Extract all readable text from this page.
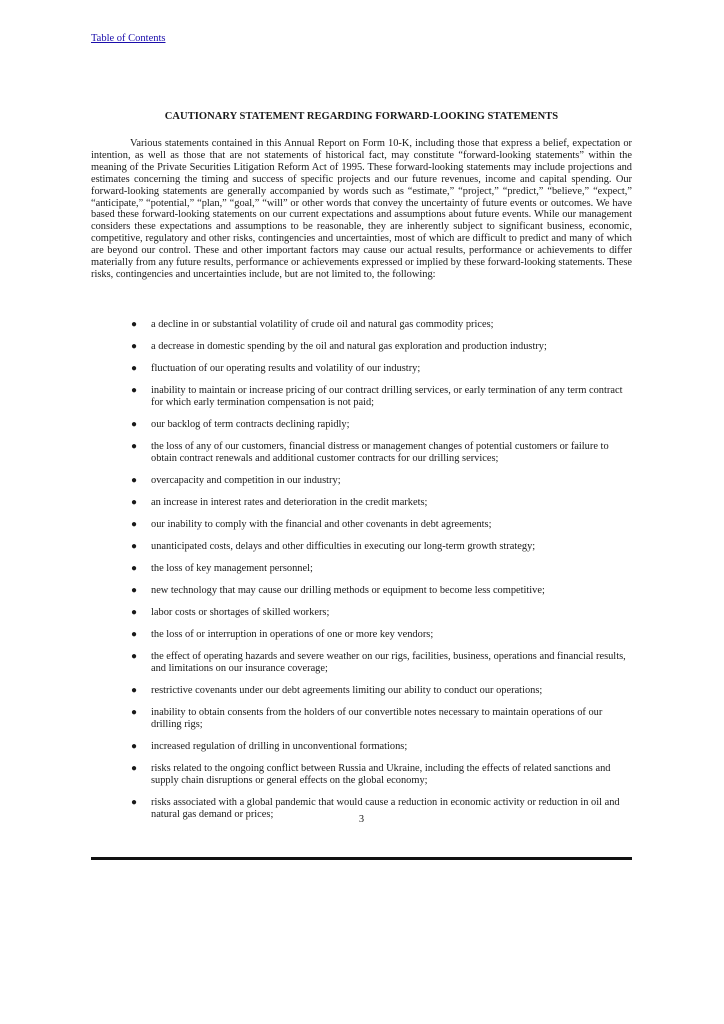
Table of Contents
CAUTIONARY STATEMENT REGARDING FORWARD-LOOKING STATEMENTS

Various statements contained in this Annual Report on Form 10-K, including those that express a belief, expectation or intention, as well as those that are not statements of historical fact, may constitute “forward-looking statements” within the meaning of the Private Securities Litigation Reform Act of 1995. These forward-looking statements may include projections and estimates concerning the timing and success of specific projects and our future revenues, income and capital spending. Our forward-looking statements are generally accompanied by words such as “estimate,” “project,” “predict,” “believe,” “expect,” “anticipate,” “potential,” “plan,” “goal,” “will” or other words that convey the uncertainty of future events or outcomes. We have based these forward-looking statements on our current expectations and assumptions about future events. While our management considers these expectations and assumptions to be reasonable, they are inherently subject to significant business, economic, competitive, regulatory and other risks, contingencies and uncertainties, most of which are difficult to predict and many of which are beyond our control. These and other important factors may cause our actual results, performance or achievements to differ materially from any future results, performance or achievements expressed or implied by these forward-looking statements. These risks, contingencies and uncertainties include, but are not limited to, the following:

● a decline in or substantial volatility of crude oil and natural gas commodity prices;
● a decrease in domestic spending by the oil and natural gas exploration and production industry;
● fluctuation of our operating results and volatility of our industry;
● inability to maintain or increase pricing of our contract drilling services, or early termination of any term contract for which early termination compensation is not paid;
● our backlog of term contracts declining rapidly;
● the loss of any of our customers, financial distress or management changes of potential customers or failure to obtain contract renewals and additional customer contracts for our drilling services;
● overcapacity and competition in our industry;
● an increase in interest rates and deterioration in the credit markets;
● our inability to comply with the financial and other covenants in debt agreements;
● unanticipated costs, delays and other difficulties in executing our long-term growth strategy;
● the loss of key management personnel;
● new technology that may cause our drilling methods or equipment to become less competitive;
● labor costs or shortages of skilled workers;
● the loss of or interruption in operations of one or more key vendors;
● the effect of operating hazards and severe weather on our rigs, facilities, business, operations and financial results, and limitations on our insurance coverage;
● restrictive covenants under our debt agreements limiting our ability to conduct our operations;
● inability to obtain consents from the holders of our convertible notes necessary to maintain operations of our drilling rigs;
● increased regulation of drilling in unconventional formations;
● risks related to the ongoing conflict between Russia and Ukraine, including the effects of related sanctions and supply chain disruptions or general effects on the global economy;
● risks associated with a global pandemic that would cause a reduction in economic activity or reduction in oil and natural gas demand or prices;	3
